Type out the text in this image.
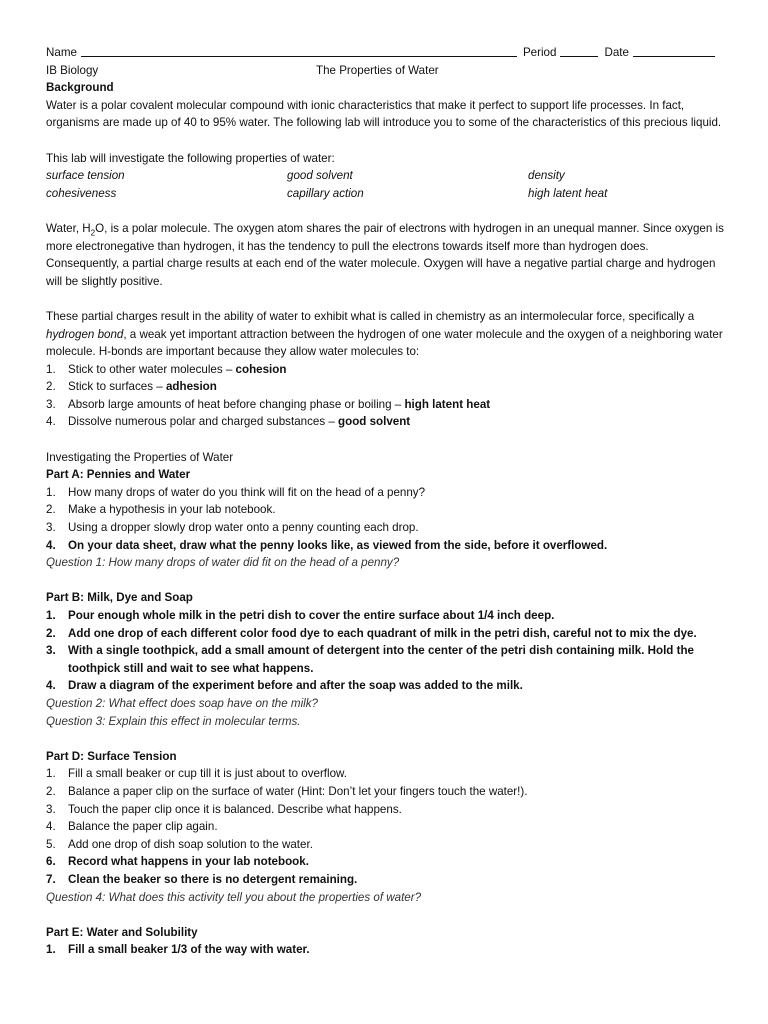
Name	Period	Date
IB Biology	The Properties of Water

Background

Water is a polar covalent molecular compound with ionic characteristics that make it perfect to support life processes. In fact, organisms are made up of 40 to 95% water. The following lab will introduce you to some of the characteristics of this precious liquid.

This lab will investigate the following properties of water:

surface tension	good solvent	density
cohesiveness	capillary action	high latent heat

Water, $H_2O$, is a polar molecule. The oxygen atom shares the pair of electrons with hydrogen in an unequal manner. Since oxygen is more electronegative than hydrogen, it has the tendency to pull the electrons towards itself more than hydrogen does. Consequently, a partial charge results at each end of the water molecule. Oxygen will have a negative partial charge and hydrogen will be slightly positive.

These partial charges result in the ability of water to exhibit what is called in chemistry as an intermolecular force, specifically a hydrogen bond, a weak yet important attraction between the hydrogen of one water molecule and the oxygen of a neighboring water molecule. H-bonds are important because they allow water molecules to:

1. Stick to other water molecules – cohesion
2. Stick to surfaces – adhesion
3. Absorb large amounts of heat before changing phase or boiling – high latent heat
4. Dissolve numerous polar and charged substances – good solvent

Investigating the Properties of Water

Part A: Pennies and Water

1. How many drops of water do you think will fit on the head of a penny?
2. Make a hypothesis in your lab notebook.
3. Using a dropper slowly drop water onto a penny counting each drop.
4. On your data sheet, draw what the penny looks like, as viewed from the side, before it overflowed.

Question 1: How many drops of water did fit on the head of a penny?

Part B: Milk, Dye and Soap

1. Pour enough whole milk in the petri dish to cover the entire surface about 1/4 inch deep.
2. Add one drop of each different color food dye to each quadrant of milk in the petri dish, careful not to mix the dye.
3. With a single toothpick, add a small amount of detergent into the center of the petri dish containing milk. Hold the toothpick still and wait to see what happens.
4. Draw a diagram of the experiment before and after the soap was added to the milk.

Question 2: What effect does soap have on the milk?

Question 3: Explain this effect in molecular terms.

Part D: Surface Tension

1. Fill a small beaker or cup till it is just about to overflow.
2. Balance a paper clip on the surface of water (Hint: Don’t let your fingers touch the water!).
3. Touch the paper clip once it is balanced. Describe what happens.
4. Balance the paper clip again.
5. Add one drop of dish soap solution to the water.
6. Record what happens in your lab notebook.
7. Clean the beaker so there is no detergent remaining.

Question 4: What does this activity tell you about the properties of water?

Part E: Water and Solubility

1. Fill a small beaker 1/3 of the way with water.
